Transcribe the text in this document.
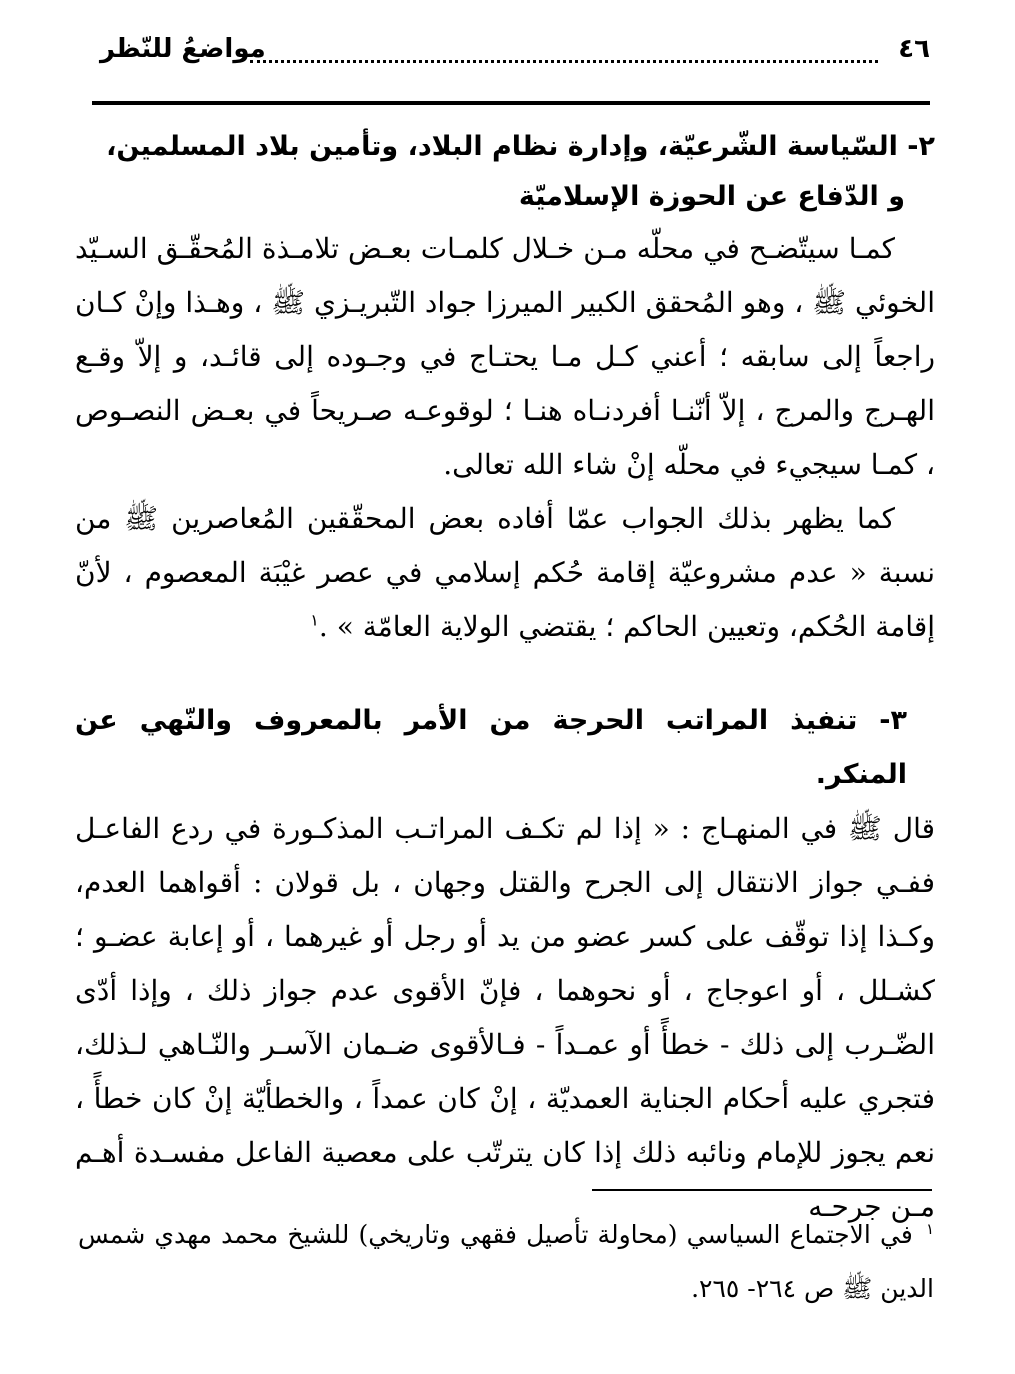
٤٦
مواضعُ للنّظر
٢- السّياسة الشّرعيّة، وإدارة نظام البلاد، وتأمين بلاد المسلمين،
و الدّفاع عن الحوزة الإسلاميّة

كمـا سيتّضـح في محلّه مـن خـلال كلمـات بعـض تلامـذة المُحقّـق السـيّد الخوئي ﷺ ، وهو المُحقق الكبير الميرزا جواد التّبريـزي ﷺ ، وهـذا وإنْ كـان راجعاً إلى سابقه ؛ أعني كـل مـا يحتـاج في وجـوده إلى قائـد، و إلاّ وقـع الهـرج والمرج ، إلاّ أنّنـا أفردنـاه هنـا ؛ لوقوعـه صـريحاً في بعـض النصـوص ، كمـا سيجيء في محلّه إنْ شاء الله تعالى.

كما يظهر بذلك الجواب عمّا أفاده بعض المحقّقين المُعاصرين ﷺ من نسبة « عدم مشروعيّة إقامة حُكم إسلامي في عصر غيْبَة المعصوم ، لأنّ إقامة الحُكم، وتعيين الحاكم ؛ يقتضي الولاية العامّة » .$^١$

٣- تنفيذ المراتب الحرجة من الأمر بالمعروف والنّهي عن المنكر.

قال ﷺ في المنهـاج : « إذا لم تكـف المراتـب المذكـورة في ردع الفاعـل ففـي جواز الانتقال إلى الجرح والقتل وجهان ، بل قولان : أقواهما العدم، وكـذا إذا توقّف على كسر عضو من يد أو رجل أو غيرهما ، أو إعابة عضـو ؛ كشـلل ، أو اعوجاج ، أو نحوهما ، فإنّ الأقوى عدم جواز ذلك ، وإذا أدّى الضّـرب إلى ذلك - خطأً أو عمـداً - فـالأقوى ضـمان الآسـر والنّـاهي لـذلك، فتجري عليه أحكام الجناية العمديّة ، إنْ كان عمداً ، والخطأيّة إنْ كان خطأً ، نعم يجوز للإمام ونائبه ذلك إذا كان يترتّب على معصية الفاعل مفسـدة أهـم مـن جرحـه

$^١$ في الاجتماع السياسي (محاولة تأصيل فقهي وتاريخي) للشيخ محمد مهدي شمس الدين ﷺ ص ٢٦٤- ٢٦٥.
